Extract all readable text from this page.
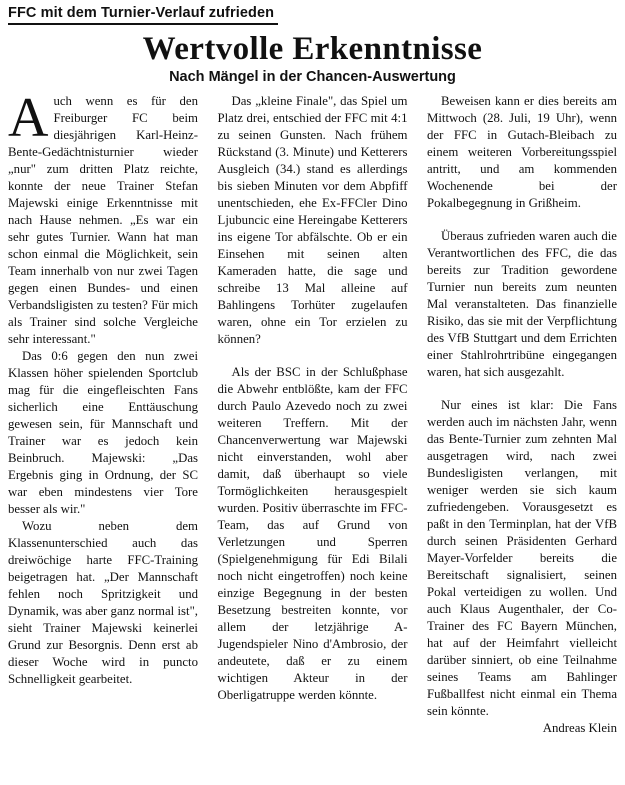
FFC mit dem Turnier-Verlauf zufrieden
Wertvolle Erkenntnisse
Nach Mängel in der Chancen-Auswertung

Auch wenn es für den Freiburger FC beim diesjährigen Karl-Heinz-Bente-Gedächtnisturnier wieder „nur" zum dritten Platz reichte, konnte der neue Trainer Stefan Majewski einige Erkenntnisse mit nach Hause nehmen. „Es war ein sehr gutes Turnier. Wann hat man schon einmal die Möglichkeit, sein Team innerhalb von nur zwei Tagen gegen einen Bundes- und einen Verbandsligisten zu testen? Für mich als Trainer sind solche Vergleiche sehr interessant."

Das 0:6 gegen den nun zwei Klassen höher spielenden Sportclub mag für die eingefleischten Fans sicherlich eine Enttäuschung gewesen sein, für Mannschaft und Trainer war es jedoch kein Beinbruch. Majewski: „Das Ergebnis ging in Ordnung, der SC war eben mindestens vier Tore besser als wir."

Wozu neben dem Klassenunterschied auch das dreiwöchige harte FFC-Training beigetragen hat. „Der Mannschaft fehlen noch Spritzigkeit und Dynamik, was aber ganz normal ist", sieht Trainer Majewski keinerlei Grund zur Besorgnis. Denn erst ab dieser Woche wird in puncto Schnelligkeit gearbeitet.

Das „kleine Finale", das Spiel um Platz drei, entschied der FFC mit 4:1 zu seinen Gunsten. Nach frühem Rückstand (3. Minute) und Ketterers Ausgleich (34.) stand es allerdings bis sieben Minuten vor dem Abpfiff unentschieden, ehe Ex-FFCler Dino Ljubuncic eine Hereingabe Ketterers ins eigene Tor abfälschte. Ob er ein Einsehen mit seinen alten Kameraden hatte, die sage und schreibe 13 Mal alleine auf Bahlingens Torhüter zugelaufen waren, ohne ein Tor erzielen zu können?

Als der BSC in der Schlußphase die Abwehr entblößte, kam der FFC durch Paulo Azevedo noch zu zwei weiteren Treffern. Mit der Chancenverwertung war Majewski nicht einverstanden, wohl aber damit, daß überhaupt so viele Tormöglichkeiten herausgespielt wurden. Positiv überraschte im FFC-Team, das auf Grund von Verletzungen und Sperren (Spielgenehmigung für Edi Bilali noch nicht eingetroffen) noch keine einzige Begegnung in der besten Besetzung bestreiten konnte, vor allem der letzjährige A-Jugendspieler Nino d'Ambrosio, der andeutete, daß er zu einem wichtigen Akteur in der Oberligatruppe werden könnte.

Beweisen kann er dies bereits am Mittwoch (28. Juli, 19 Uhr), wenn der FFC in Gutach-Bleibach zu einem weiteren Vorbereitungsspiel antritt, und am kommenden Wochenende bei der Pokalbegegnung in Grißheim.

Überaus zufrieden waren auch die Verantwortlichen des FFC, die das bereits zur Tradition gewordene Turnier nun bereits zum neunten Mal veranstalteten. Das finanzielle Risiko, das sie mit der Verpflichtung des VfB Stuttgart und dem Errichten einer Stahlrohrtribüne eingegangen waren, hat sich ausgezahlt.

Nur eines ist klar: Die Fans werden auch im nächsten Jahr, wenn das Bente-Turnier zum zehnten Mal ausgetragen wird, nach zwei Bundesligisten verlangen, mit weniger werden sie sich kaum zufriedengeben. Vorausgesetzt es paßt in den Terminplan, hat der VfB durch seinen Präsidenten Gerhard Mayer-Vorfelder bereits die Bereitschaft signalisiert, seinen Pokal verteidigen zu wollen. Und auch Klaus Augenthaler, der Co-Trainer des FC Bayern München, hat auf der Heimfahrt vielleicht darüber sinniert, ob eine Teilnahme seines Teams am Bahlinger Fußballfest nicht einmal ein Thema sein könnte.

Andreas Klein
